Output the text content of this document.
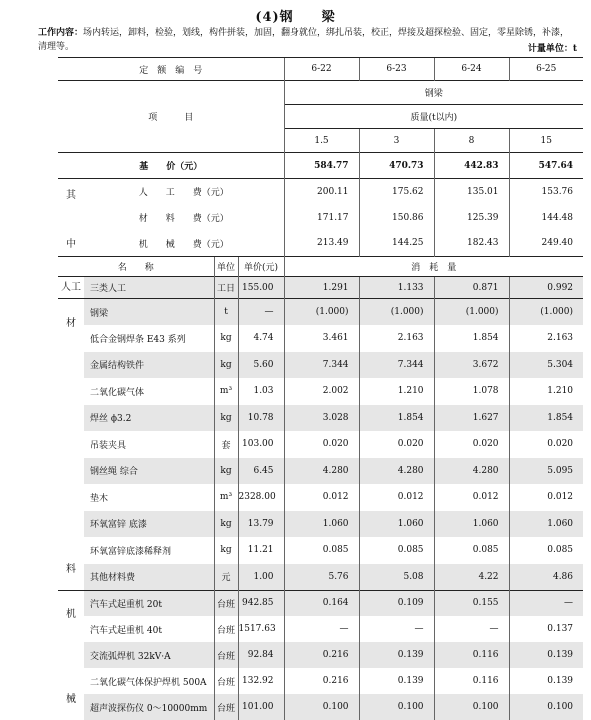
(4)钢　　梁
工作内容：场内转运，卸料，检验，划线，构件拼装，加固，翻身就位，绑扎吊装，校正，焊接及超探检验、固定，零星除锈，补漆，清理等。	计量单位：t
定　额　编　号				6-22	6-23	6-24	6-25
项　　　目				钢梁			
				质量(t以内)			
				1.5	3	8	15
基　　价（元）				584.77	470.73	442.83	547.64

其
中	人　　工　　费（元）			200.11	175.62	135.01	153.76
	材　　料　　费（元）			171.17	150.86	125.39	144.48
	机　　械　　费（元）			213.49	144.25	182.43	249.40
名　　称		单位	单价(元)	消　耗　量			
人工	三类人工	工日	155.00	1.291	1.133	0.871	0.992

材
料	钢梁	t	—	(1.000)	(1.000)	(1.000)	(1.000)
	低合金钢焊条 E43 系列	kg	4.74	3.461	2.163	1.854	2.163
	金属结构铁件	kg	5.60	7.344	7.344	3.672	5.304
	二氧化碳气体	m³	1.03	2.002	1.210	1.078	1.210
	焊丝 ϕ3.2	kg	10.78	3.028	1.854	1.627	1.854
	吊装夹具	套	103.00	0.020	0.020	0.020	0.020
	钢丝绳 综合	kg	6.45	4.280	4.280	4.280	5.095
	垫木	m³	2328.00	0.012	0.012	0.012	0.012
	环氧富锌 底漆	kg	13.79	1.060	1.060	1.060	1.060
	环氧富锌底漆稀释剂	kg	11.21	0.085	0.085	0.085	0.085
	其他材料费	元	1.00	5.76	5.08	4.22	4.86

机
械	汽车式起重机 20t	台班	942.85	0.164	0.109	0.155	—
	汽车式起重机 40t	台班	1517.63	—	—	—	0.137
	交流弧焊机 32kV·A	台班	92.84	0.216	0.139	0.116	0.139
	二氧化碳气体保护焊机 500A	台班	132.92	0.216	0.139	0.116	0.139
	超声波探伤仪 0～10000mm	台班	101.00	0.100	0.100	0.100	0.100
